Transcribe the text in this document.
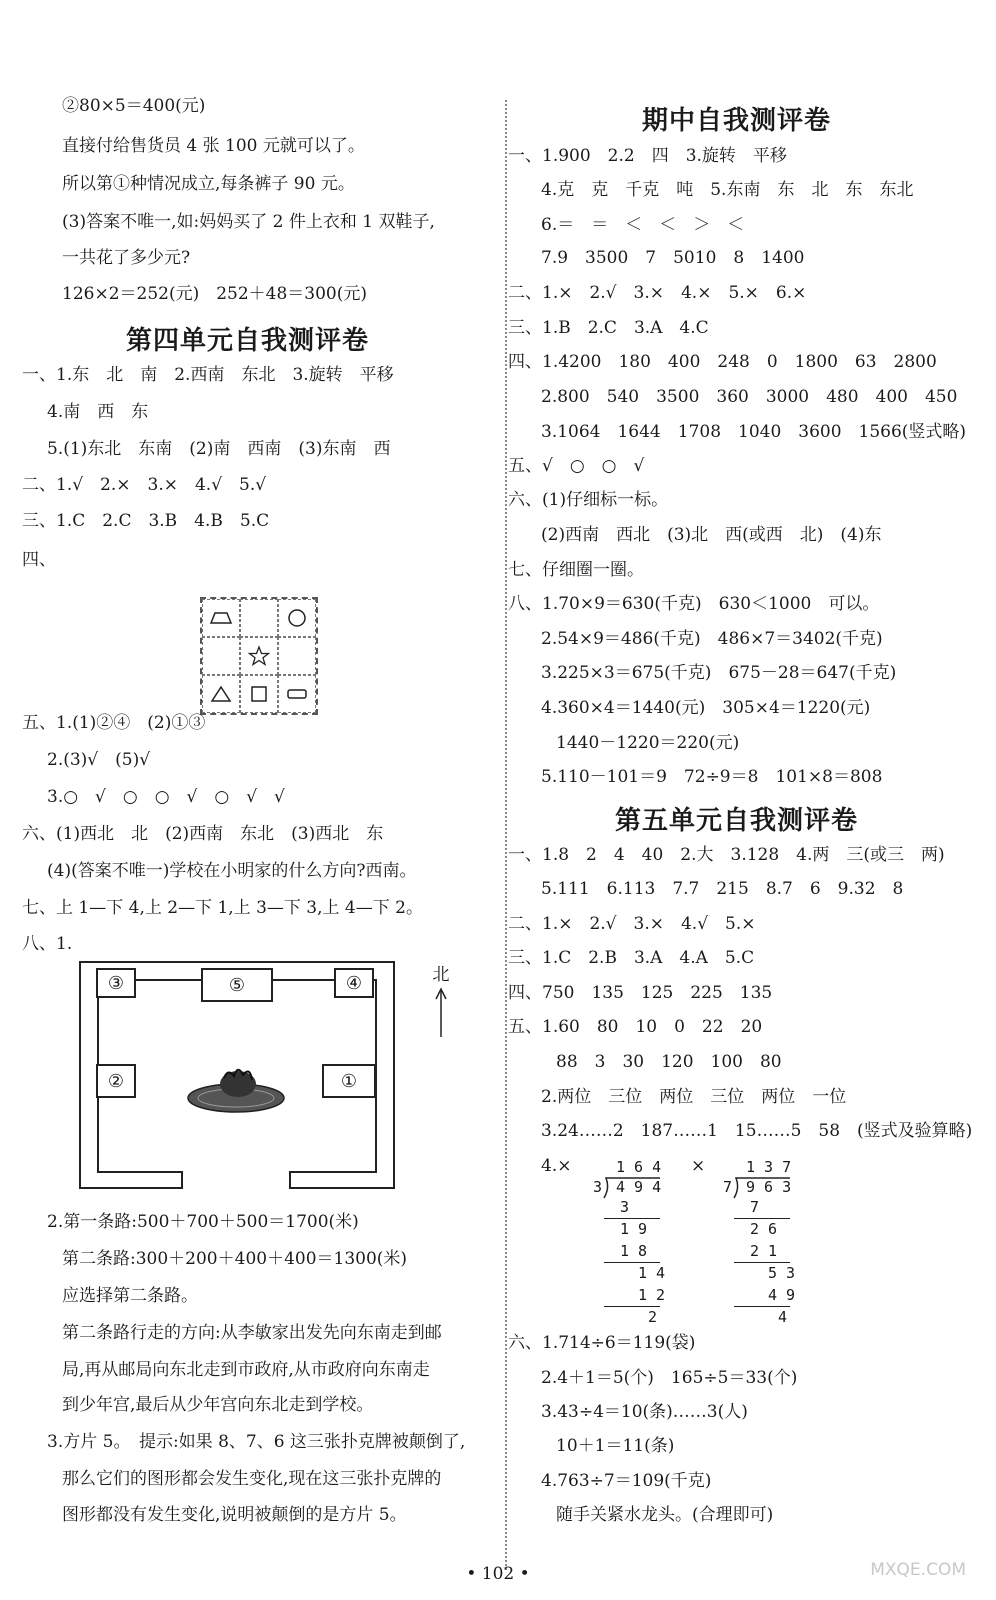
第四单元自我测评卷
③	⑤	④
②	①
北
期中自我测评卷
第五单元自我测评卷
1 6 4
3 4 9 4
3
1 9
1 8
1 4
1 2
2
1 3 7
7 9 6 3
7
2 6
2 1
5 3
4 9
4
• 102 •	MXQE.COM
②80×5＝400(元)
直接付给售货员 4 张 100 元就可以了。
所以第①种情况成立,每条裤子 90 元。
(3)答案不唯一,如:妈妈买了 2 件上衣和 1 双鞋子,
一共花了多少元?
126×2＝252(元)　252＋48＝300(元)
一、1.东　北　南　2.西南　东北　3.旋转　平移
4.南　西　东
5.(1)东北　东南　(2)南　西南　(3)东南　西
二、1.√　2.×　3.×　4.√　5.√
三、1.C　2.C　3.B　4.B　5.C
四、
五、1.(1)②④　(2)①③
2.(3)√　(5)√
3.○　√　○　○　√　○　√　√
六、(1)西北　北　(2)西南　东北　(3)西北　东
(4)(答案不唯一)学校在小明家的什么方向?西南。
七、上 1—下 4,上 2—下 1,上 3—下 3,上 4—下 2。
八、1.
2.第一条路:500＋700＋500＝1700(米)
第二条路:300＋200＋400＋400＝1300(米)
应选择第二条路。
第二条路行走的方向:从李敏家出发先向东南走到邮
局,再从邮局向东北走到市政府,从市政府向东南走
到少年宫,最后从少年宫向东北走到学校。
3.方片 5。　提示:如果 8、7、6 这三张扑克牌被颠倒了,
那么它们的图形都会发生变化,现在这三张扑克牌的
图形都没有发生变化,说明被颠倒的是方片 5。
一、1.900　2.2　四　3.旋转　平移
4.克　克　千克　吨　5.东南　东　北　东　东北
6.＝　＝　＜　＜　＞　＜
7.9　3500　7　5010　8　1400
二、1.×　2.√　3.×　4.×　5.×　6.×
三、1.B　2.C　3.A　4.C
四、1.4200　180　400　248　0　1800　63　2800
2.800　540　3500　360　3000　480　400　450
3.1064　1644　1708　1040　3600　1566(竖式略)
五、√　○　○　√
六、(1)仔细标一标。
(2)西南　西北　(3)北　西(或西　北)　(4)东
七、仔细圈一圈。
八、1.70×9＝630(千克)　630＜1000　可以。
2.54×9＝486(千克)　486×7＝3402(千克)
3.225×3＝675(千克)　675－28＝647(千克)
4.360×4＝1440(元)　305×4＝1220(元)
1440－1220＝220(元)
5.110－101＝9　72÷9＝8　101×8＝808
一、1.8　2　4　40　2.大　3.128　4.两　三(或三　两)
5.111　6.113　7.7　215　8.7　6　9.32　8
二、1.×　2.√　3.×　4.√　5.×
三、1.C　2.B　3.A　4.A　5.C
四、750　135　125　225　135
五、1.60　80　10　0　22　20
88　3　30　120　100　80
2.两位　三位　两位　三位　两位　一位
3.24……2　187……1　15……5　58　(竖式及验算略)
4.×	×
六、1.714÷6＝119(袋)
2.4＋1＝5(个)　165÷5＝33(个)
3.43÷4＝10(条)……3(人)
10＋1＝11(条)
4.763÷7＝109(千克)
随手关紧水龙头。(合理即可)
